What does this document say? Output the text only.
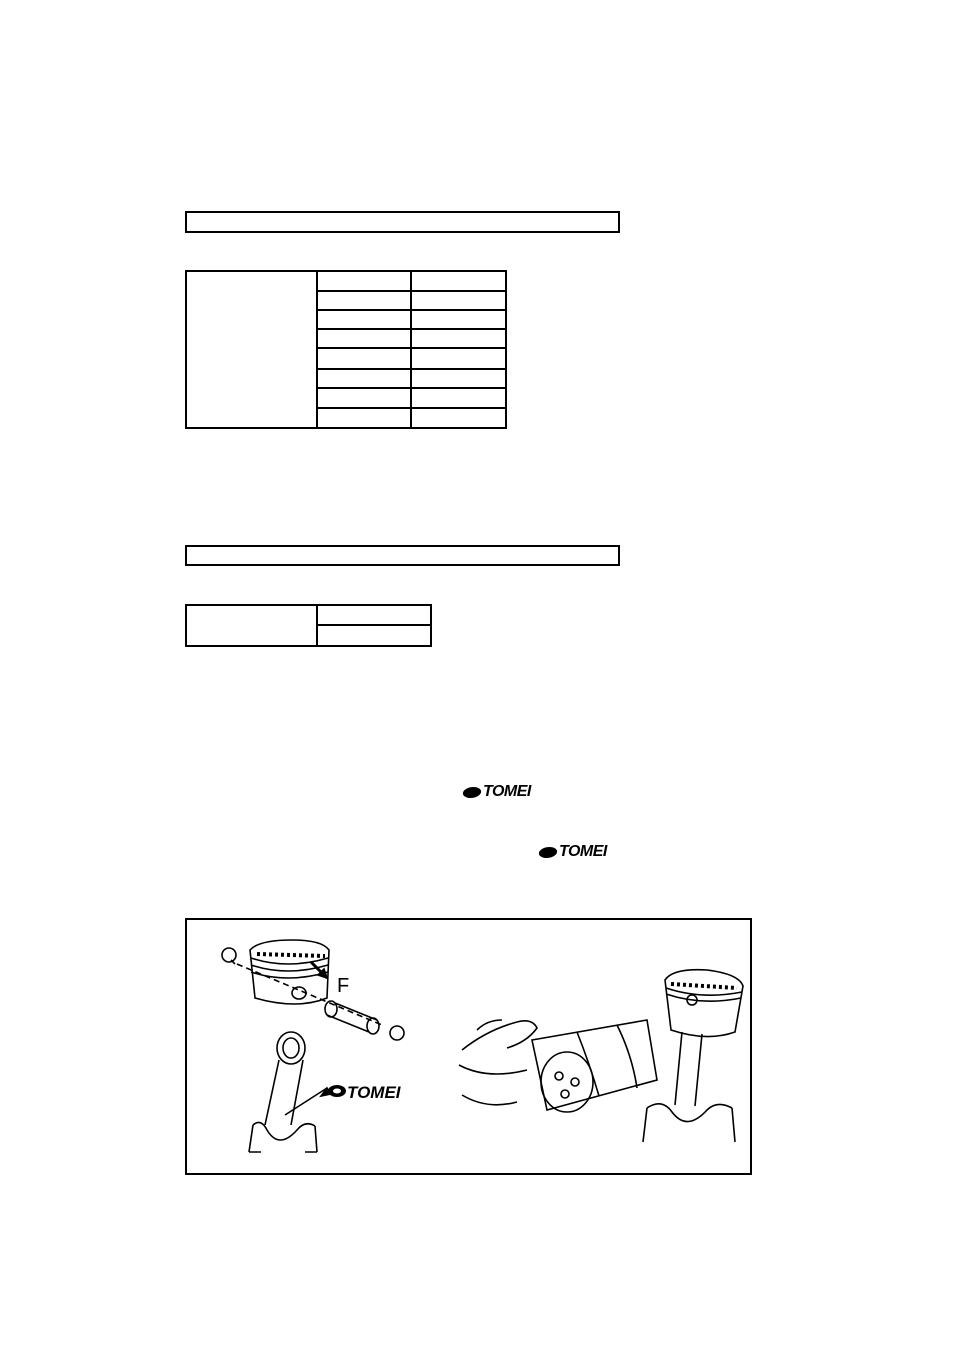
TOMEI
TOMEI
F
TOMEI
